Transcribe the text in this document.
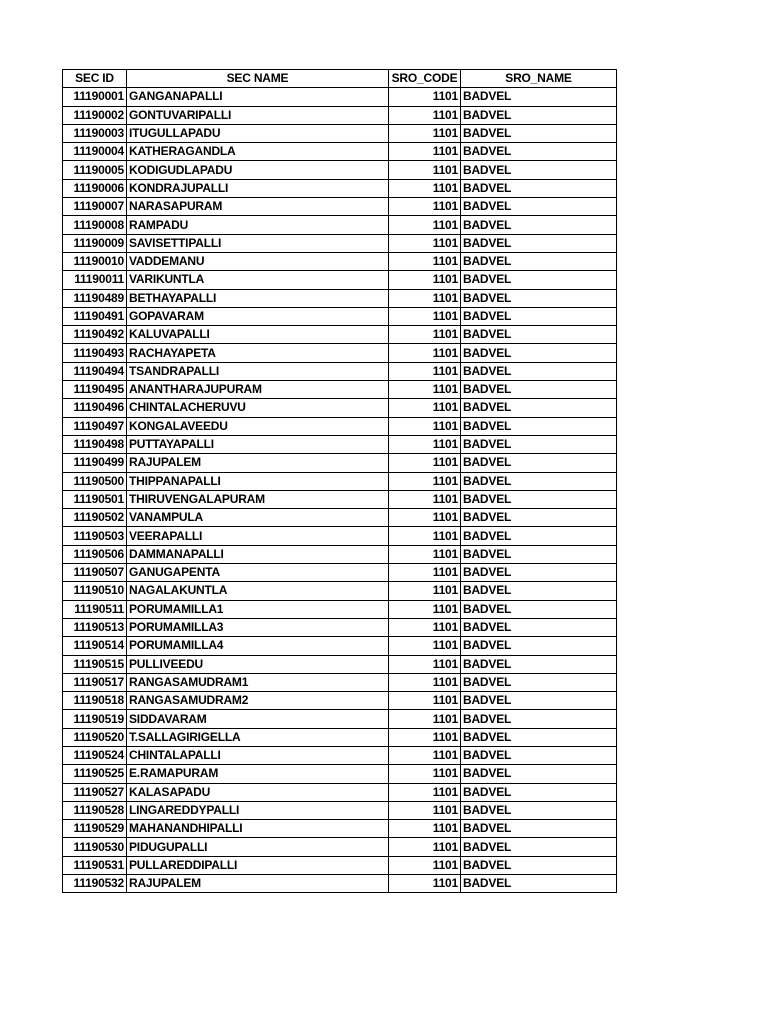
SEC ID	SEC NAME	SRO_CODE	SRO_NAME
11190001	GANGANAPALLI	1101	BADVEL
11190002	GONTUVARIPALLI	1101	BADVEL
11190003	ITUGULLAPADU	1101	BADVEL
11190004	KATHERAGANDLA	1101	BADVEL
11190005	KODIGUDLAPADU	1101	BADVEL
11190006	KONDRAJUPALLI	1101	BADVEL
11190007	NARASAPURAM	1101	BADVEL
11190008	RAMPADU	1101	BADVEL
11190009	SAVISETTIPALLI	1101	BADVEL
11190010	VADDEMANU	1101	BADVEL
11190011	VARIKUNTLA	1101	BADVEL
11190489	BETHAYAPALLI	1101	BADVEL
11190491	GOPAVARAM	1101	BADVEL
11190492	KALUVAPALLI	1101	BADVEL
11190493	RACHAYAPETA	1101	BADVEL
11190494	TSANDRAPALLI	1101	BADVEL
11190495	ANANTHARAJUPURAM	1101	BADVEL
11190496	CHINTALACHERUVU	1101	BADVEL
11190497	KONGALAVEEDU	1101	BADVEL
11190498	PUTTAYAPALLI	1101	BADVEL
11190499	RAJUPALEM	1101	BADVEL
11190500	THIPPANAPALLI	1101	BADVEL
11190501	THIRUVENGALAPURAM	1101	BADVEL
11190502	VANAMPULA	1101	BADVEL
11190503	VEERAPALLI	1101	BADVEL
11190506	DAMMANAPALLI	1101	BADVEL
11190507	GANUGAPENTA	1101	BADVEL
11190510	NAGALAKUNTLA	1101	BADVEL
11190511	PORUMAMILLA1	1101	BADVEL
11190513	PORUMAMILLA3	1101	BADVEL
11190514	PORUMAMILLA4	1101	BADVEL
11190515	PULLIVEEDU	1101	BADVEL
11190517	RANGASAMUDRAM1	1101	BADVEL
11190518	RANGASAMUDRAM2	1101	BADVEL
11190519	SIDDAVARAM	1101	BADVEL
11190520	T.SALLAGIRIGELLA	1101	BADVEL
11190524	CHINTALAPALLI	1101	BADVEL
11190525	E.RAMAPURAM	1101	BADVEL
11190527	KALASAPADU	1101	BADVEL
11190528	LINGAREDDYPALLI	1101	BADVEL
11190529	MAHANANDHIPALLI	1101	BADVEL
11190530	PIDUGUPALLI	1101	BADVEL
11190531	PULLAREDDIPALLI	1101	BADVEL
11190532	RAJUPALEM	1101	BADVEL
